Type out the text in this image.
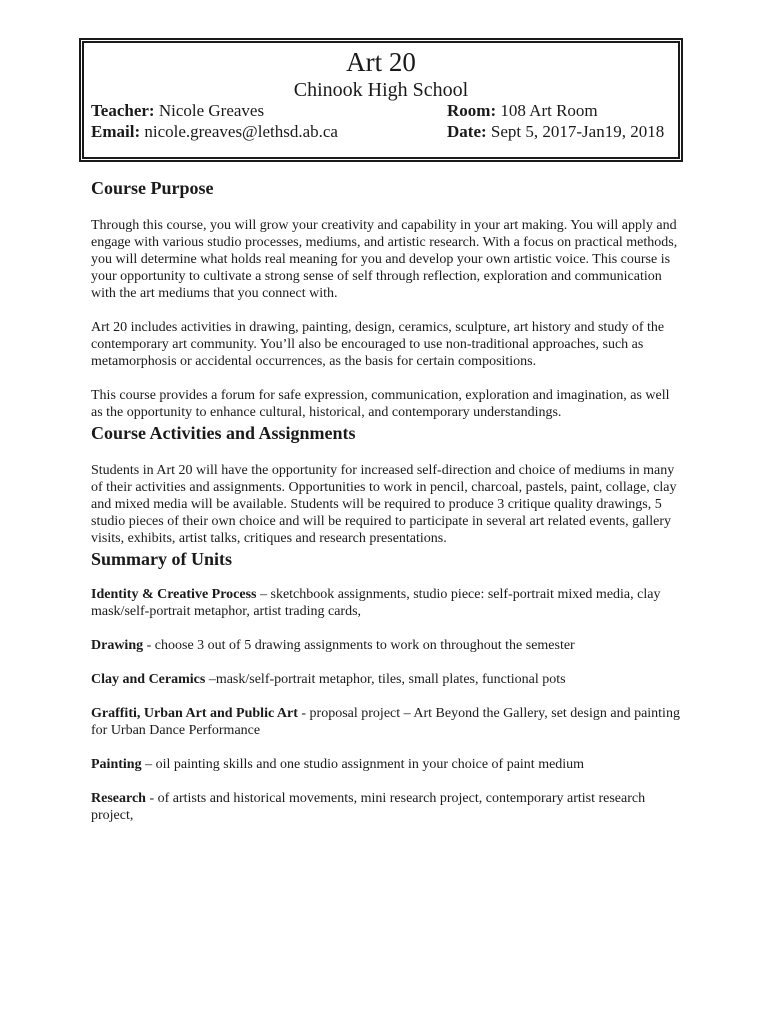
Art 20
Chinook High School
Teacher: Nicole Greaves
Email: nicole.greaves@lethsd.ab.ca
Room: 108 Art Room
Date: Sept 5, 2017-Jan19, 2018
Course Purpose

Through this course, you will grow your creativity and capability in your art making. You will apply and engage with various studio processes, mediums, and artistic research. With a focus on practical methods, you will determine what holds real meaning for you and develop your own artistic voice. This course is your opportunity to cultivate a strong sense of self through reflection, exploration and communication with the art mediums that you connect with.

Art 20 includes activities in drawing, painting, design, ceramics, sculpture, art history and study of the contemporary art community. You’ll also be encouraged to use non-traditional approaches, such as metamorphosis or accidental occurrences, as the basis for certain compositions.

This course provides a forum for safe expression, communication, exploration and imagination, as well as the opportunity to enhance cultural, historical, and contemporary understandings.

Course Activities and Assignments

Students in Art 20 will have the opportunity for increased self-direction and choice of mediums in many of their activities and assignments. Opportunities to work in pencil, charcoal, pastels, paint, collage, clay and mixed media will be available. Students will be required to produce 3 critique quality drawings, 5 studio pieces of their own choice and will be required to participate in several art related events, gallery visits, exhibits, artist talks, critiques and research presentations.

Summary of Units

Identity & Creative Process – sketchbook assignments, studio piece: self-portrait mixed media, clay mask/self-portrait metaphor, artist trading cards,

Drawing - choose 3 out of 5 drawing assignments to work on throughout the semester

Clay and Ceramics –mask/self-portrait metaphor, tiles, small plates, functional pots

Graffiti, Urban Art and Public Art - proposal project – Art Beyond the Gallery, set design and painting for Urban Dance Performance

Painting – oil painting skills and one studio assignment in your choice of paint medium

Research - of artists and historical movements, mini research project, contemporary artist research project,
